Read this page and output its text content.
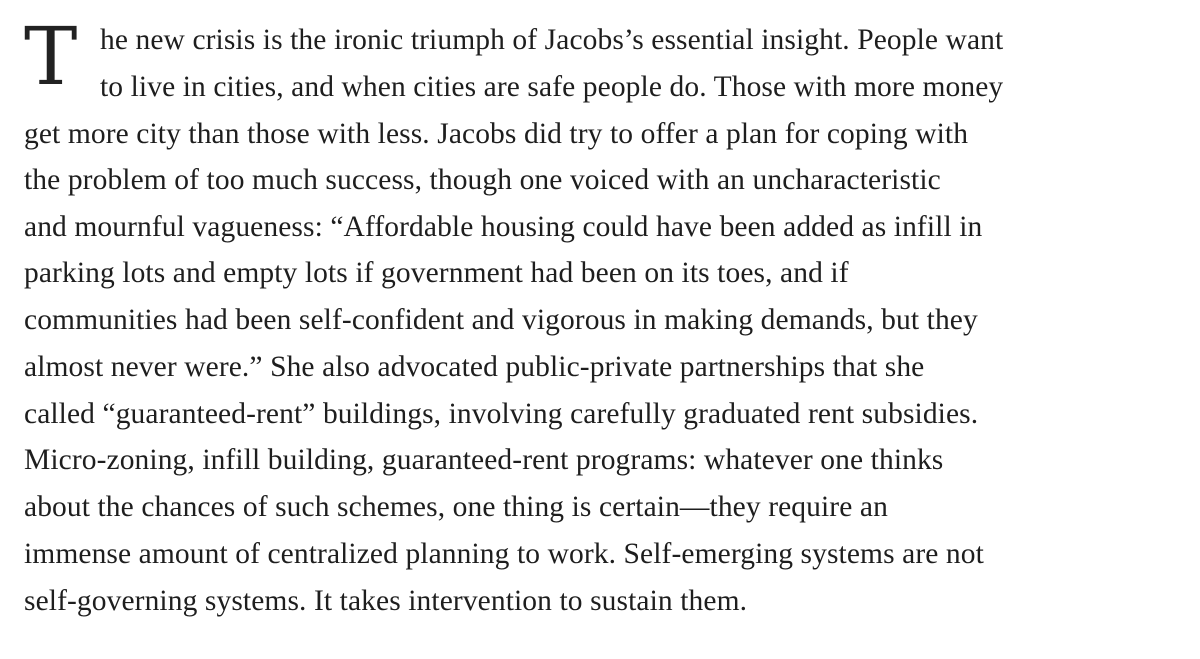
T he new crisis is the ironic triumph of Jacobs’s essential insight. People want
to live in cities, and when cities are safe people do. Those with more money
get more city than those with less. Jacobs did try to offer a plan for coping with
the problem of too much success, though one voiced with an uncharacteristic
and mournful vagueness: “Affordable housing could have been added as infill in
parking lots and empty lots if government had been on its toes, and if
communities had been self-confident and vigorous in making demands, but they
almost never were.” She also advocated public-private partnerships that she
called “guaranteed-rent” buildings, involving carefully graduated rent subsidies.
Micro-zoning, infill building, guaranteed-rent programs: whatever one thinks
about the chances of such schemes, one thing is certain—they require an
immense amount of centralized planning to work. Self-emerging systems are not
self-governing systems. It takes intervention to sustain them.
